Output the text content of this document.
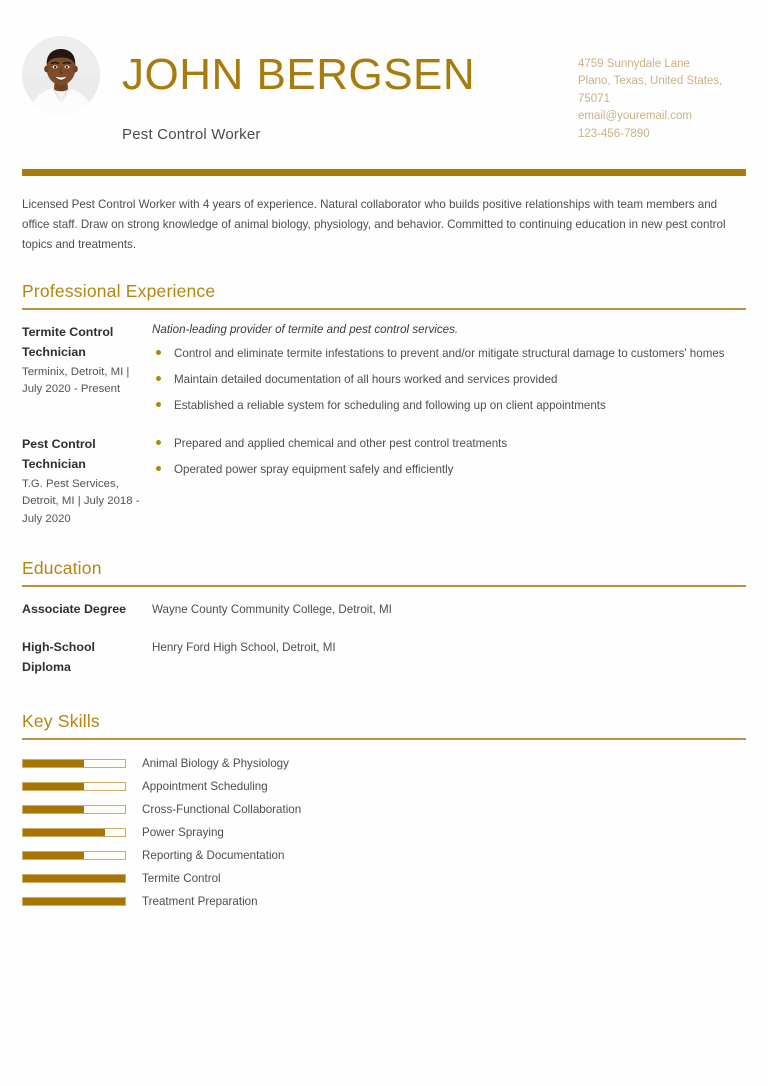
JOHN BERGSEN
Pest Control Worker
4759 Sunnydale Lane
Plano, Texas, United States,
75071
email@youremail.com
123-456-7890
Licensed Pest Control Worker with 4 years of experience. Natural collaborator who builds positive relationships with team members and office staff. Draw on strong knowledge of animal biology, physiology, and behavior. Committed to continuing education in new pest control topics and treatments.
Professional Experience
Termite Control Technician
Terminix, Detroit, MI | July 2020 - Present
Nation-leading provider of termite and pest control services.
Control and eliminate termite infestations to prevent and/or mitigate structural damage to customers' homes
Maintain detailed documentation of all hours worked and services provided
Established a reliable system for scheduling and following up on client appointments
Pest Control Technician
T.G. Pest Services, Detroit, MI | July 2018 - July 2020
Prepared and applied chemical and other pest control treatments
Operated power spray equipment safely and efficiently
Education
Associate Degree	Wayne County Community College, Detroit, MI
High-School Diploma
Henry Ford High School, Detroit, MI
Key Skills
Animal Biology & Physiology
Appointment Scheduling
Cross-Functional Collaboration
Power Spraying
Reporting & Documentation
Termite Control
Treatment Preparation
